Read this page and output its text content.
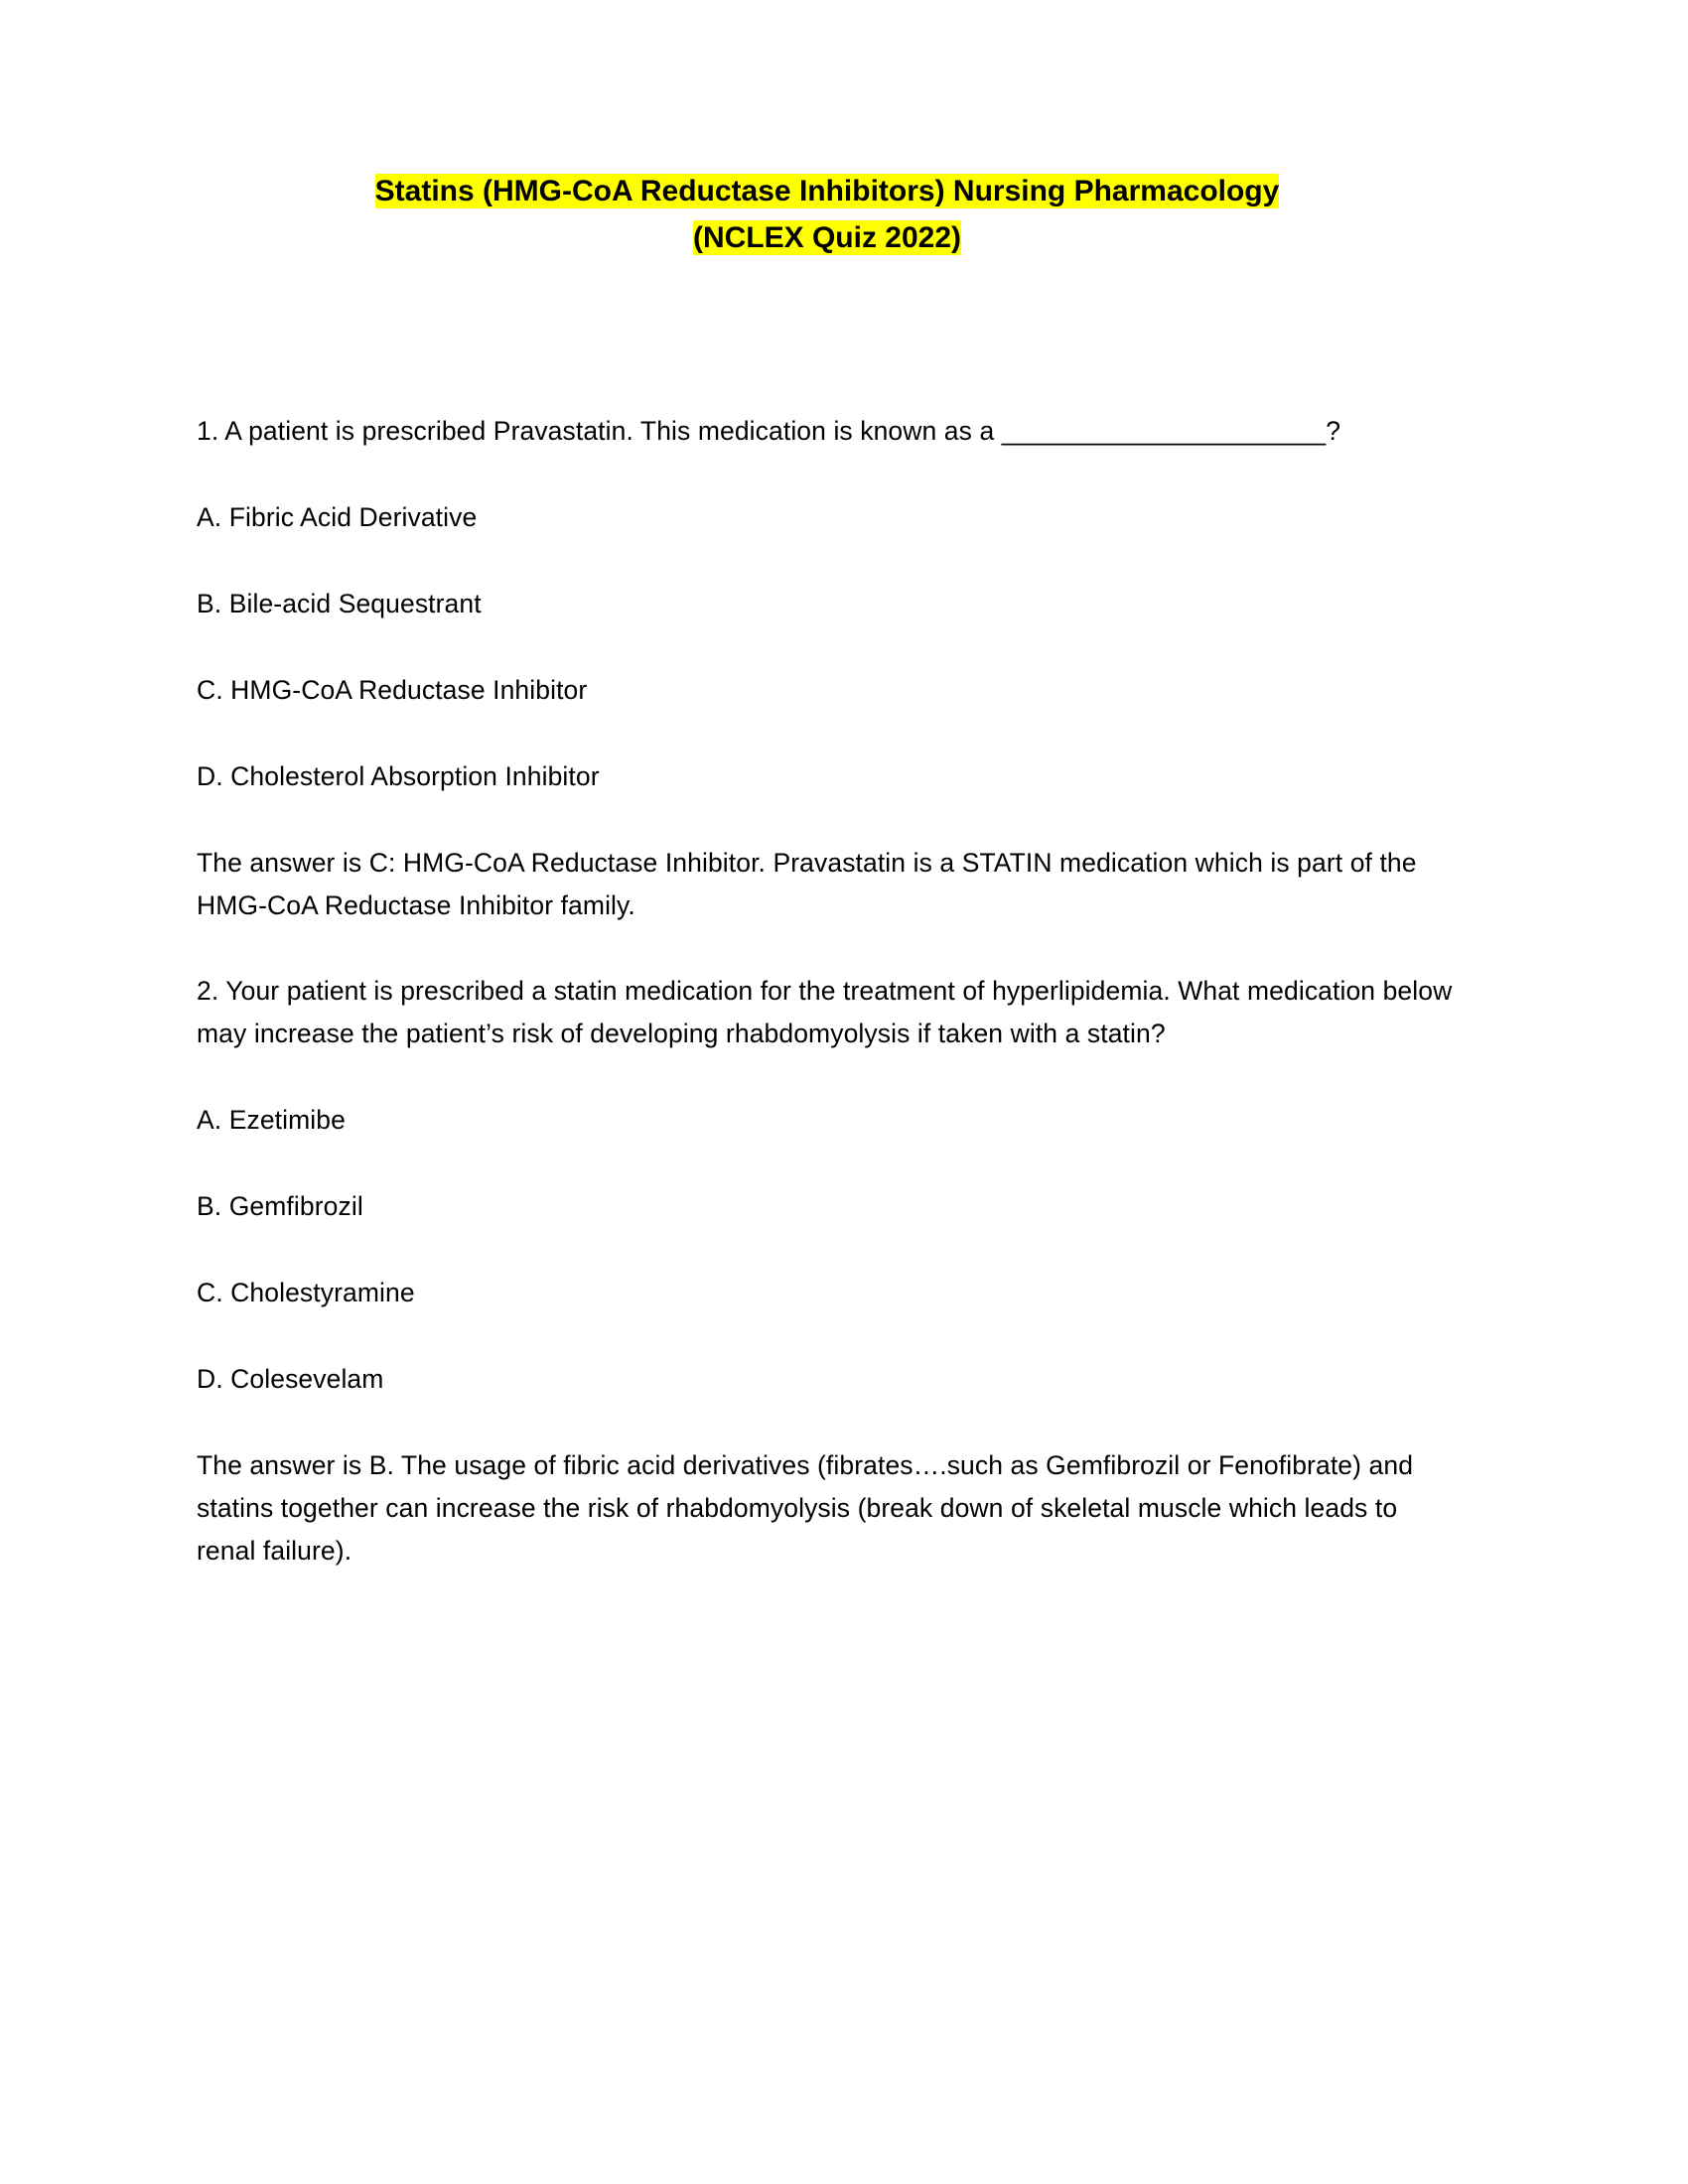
Statins (HMG-CoA Reductase Inhibitors) Nursing Pharmacology
(NCLEX Quiz 2022)

1. A patient is prescribed Pravastatin. This medication is known as a ______________________?

A. Fibric Acid Derivative

B. Bile-acid Sequestrant

C. HMG-CoA Reductase Inhibitor

D. Cholesterol Absorption Inhibitor

The answer is C: HMG-CoA Reductase Inhibitor. Pravastatin is a STATIN medication which is part of the HMG-CoA Reductase Inhibitor family.

2. Your patient is prescribed a statin medication for the treatment of hyperlipidemia. What medication below may increase the patient’s risk of developing rhabdomyolysis if taken with a statin?

A. Ezetimibe

B. Gemfibrozil

C. Cholestyramine

D. Colesevelam

The answer is B. The usage of fibric acid derivatives (fibrates….such as Gemfibrozil or Fenofibrate) and statins together can increase the risk of rhabdomyolysis (break down of skeletal muscle which leads to renal failure).
